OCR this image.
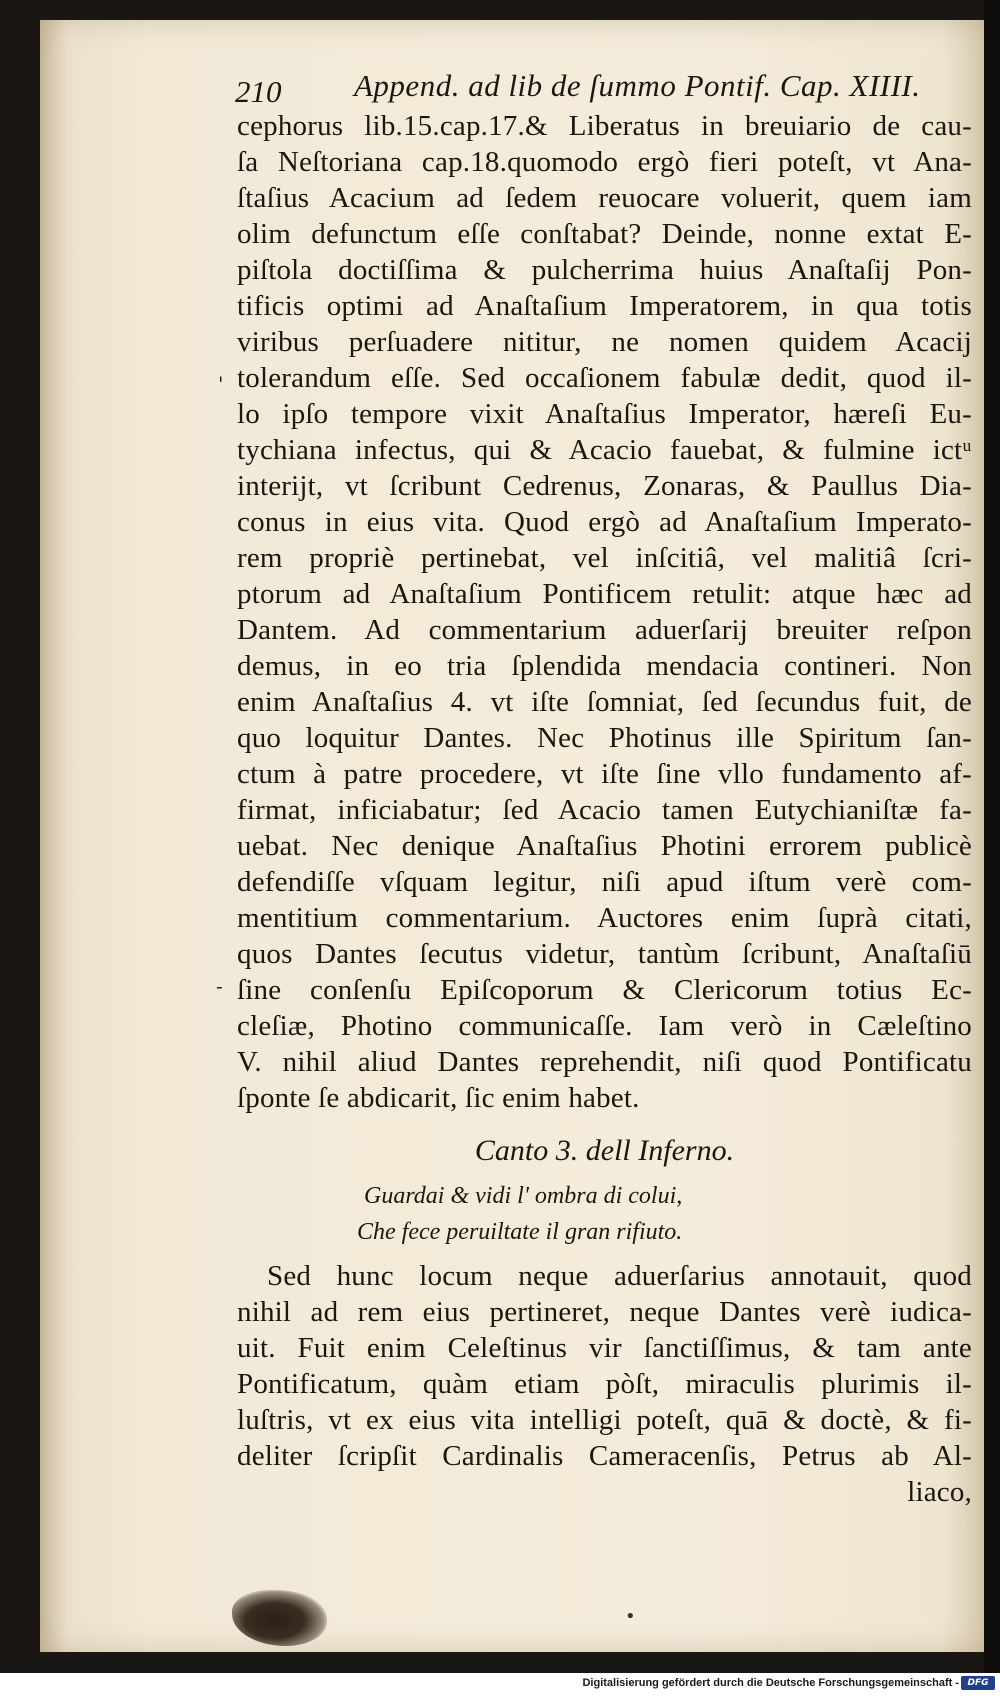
'
-
210 Append. ad lib de ſummo Pontif. Cap. XIIII.
cephorus lib.15.cap.17.& Liberatus in breuiario de cau-
ſa Neſtoriana cap.18.quomodo ergò fieri poteſt, vt Ana-
ſtaſius Acacium ad ſedem reuocare voluerit, quem iam
olim defunctum eſſe conſtabat? Deinde, nonne extat E-
piſtola doctiſſima & pulcherrima huius Anaſtaſij Pon-
tificis optimi ad Anaſtaſium Imperatorem, in qua totis
viribus perſuadere nititur, ne nomen quidem Acacij
tolerandum eſſe. Sed occaſionem fabulæ dedit, quod il-
lo ipſo tempore vixit Anaſtaſius Imperator, hæreſi Eu-
tychiana infectus, qui & Acacio fauebat, & fulmine ictᵘ
interijt, vt ſcribunt Cedrenus, Zonaras, & Paullus Dia-
conus in eius vita. Quod ergò ad Anaſtaſium Imperato-
rem propriè pertinebat, vel inſcitiâ, vel malitiâ ſcri-
ptorum ad Anaſtaſium Pontificem retulit: atque hæc ad
Dantem. Ad commentarium aduerſarij breuiter reſpon
demus, in eo tria ſplendida mendacia contineri. Non
enim Anaſtaſius 4. vt iſte ſomniat, ſed ſecundus fuit, de
quo loquitur Dantes. Nec Photinus ille Spiritum ſan-
ctum à patre procedere, vt iſte ſine vllo fundamento af-
firmat, inficiabatur; ſed Acacio tamen Eutychianiſtæ fa-
uebat. Nec denique Anaſtaſius Photini errorem publicè
defendiſſe vſquam legitur, niſi apud iſtum verè com-
mentitium commentarium. Auctores enim ſuprà citati,
quos Dantes ſecutus videtur, tantùm ſcribunt, Anaſtaſiū
ſine conſenſu Epiſcoporum & Clericorum totius Ec-
cleſiæ, Photino communicaſſe. Iam verò in Cæleſtino
V. nihil aliud Dantes reprehendit, niſi quod Pontificatu
ſponte ſe abdicarit, ſic enim habet.
Canto 3. dell Inferno.
Guardai & vidi l' ombra di colui,
Che fece peruiltate il gran rifiuto.
Sed hunc locum neque aduerſarius annotauit, quod
nihil ad rem eius pertineret, neque Dantes verè iudica-
uit. Fuit enim Celeſtinus vir ſanctiſſimus, & tam ante
Pontificatum, quàm etiam pòſt, miraculis plurimis il-
luſtris, vt ex eius vita intelligi poteſt, quā & doctè, & fi-
deliter ſcripſit Cardinalis Cameracenſis, Petrus ab Al-
liaco,
•
Digitalisierung gefördert durch die Deutsche Forschungsgemeinschaft - DFG
